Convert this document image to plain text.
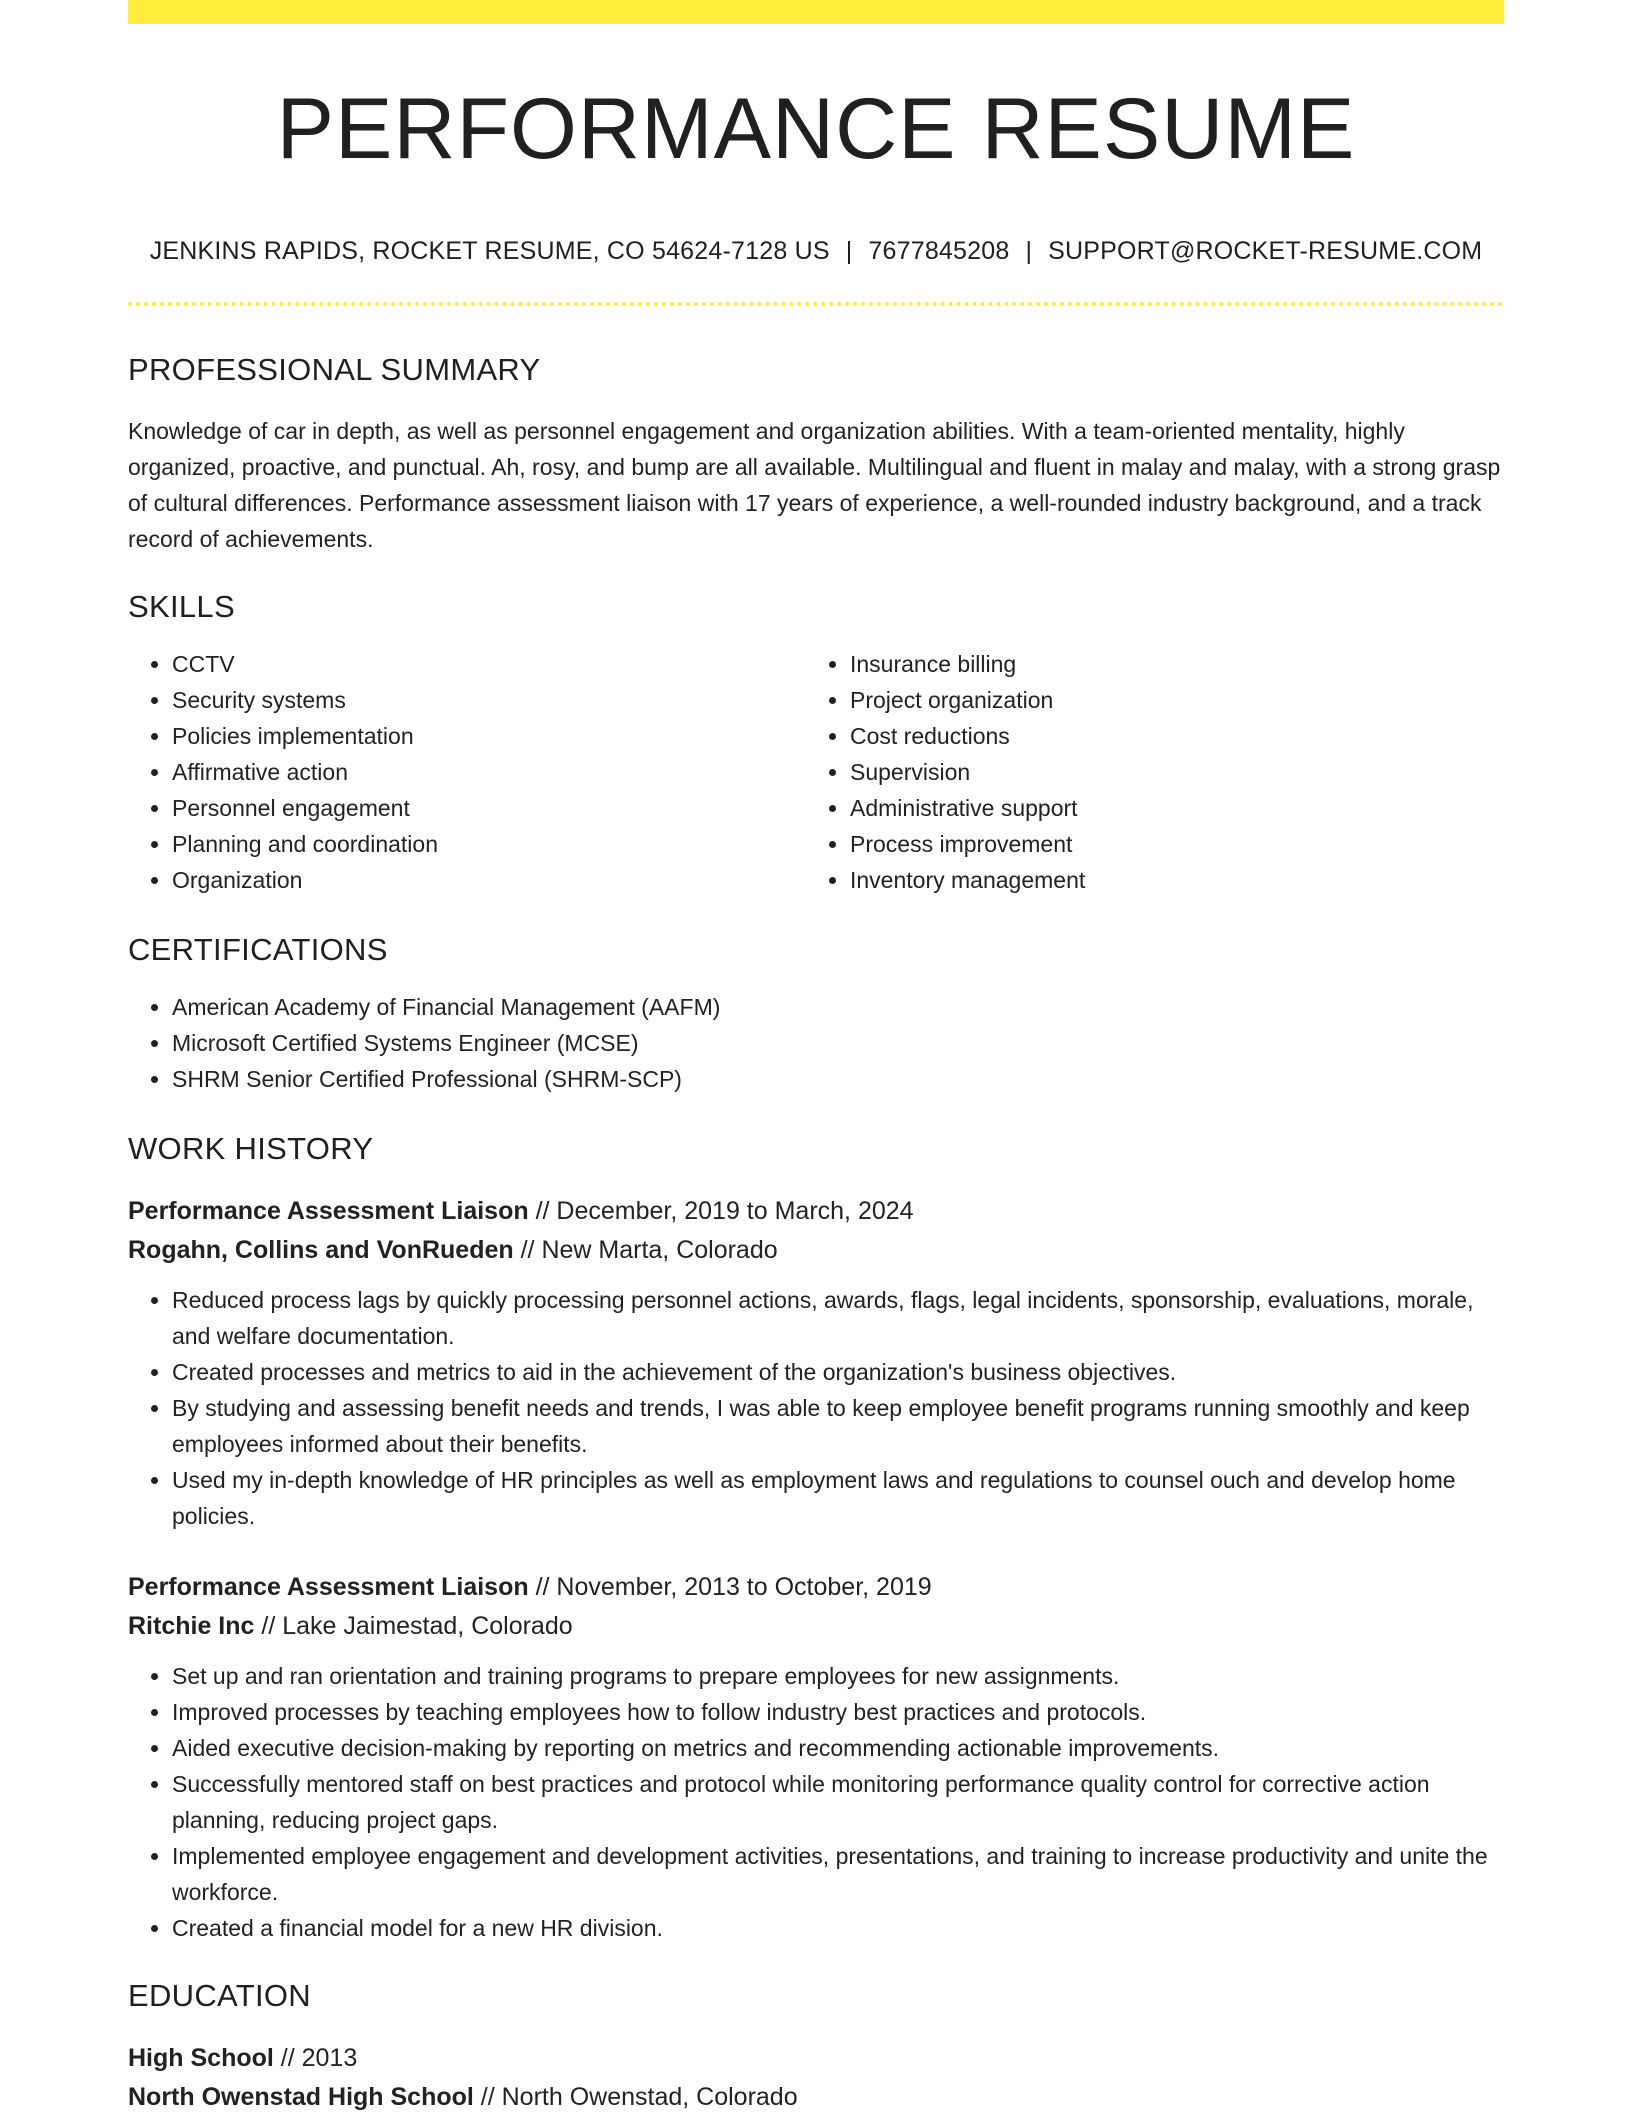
PERFORMANCE RESUME
JENKINS RAPIDS, ROCKET RESUME, CO 54624-7128 US | 7677845208 | SUPPORT@ROCKET-RESUME.COM
PROFESSIONAL SUMMARY

Knowledge of car in depth, as well as personnel engagement and organization abilities. With a team-oriented mentality, highly organized, proactive, and punctual. Ah, rosy, and bump are all available. Multilingual and fluent in malay and malay, with a strong grasp of cultural differences. Performance assessment liaison with 17 years of experience, a well-rounded industry background, and a track record of achievements.

SKILLS
• CCTV
• Security systems
• Policies implementation
• Affirmative action
• Personnel engagement
• Planning and coordination
• Organization
• Insurance billing
• Project organization
• Cost reductions
• Supervision
• Administrative support
• Process improvement
• Inventory management
CERTIFICATIONS
• American Academy of Financial Management (AAFM)
• Microsoft Certified Systems Engineer (MCSE)
• SHRM Senior Certified Professional (SHRM-SCP)
WORK HISTORY
Performance Assessment Liaison // December, 2019 to March, 2024
Rogahn, Collins and VonRueden // New Marta, Colorado
• Reduced process lags by quickly processing personnel actions, awards, flags, legal incidents, sponsorship, evaluations, morale, and welfare documentation.
• Created processes and metrics to aid in the achievement of the organization's business objectives.
• By studying and assessing benefit needs and trends, I was able to keep employee benefit programs running smoothly and keep employees informed about their benefits.
• Used my in-depth knowledge of HR principles as well as employment laws and regulations to counsel ouch and develop home policies.
Performance Assessment Liaison // November, 2013 to October, 2019
Ritchie Inc // Lake Jaimestad, Colorado
• Set up and ran orientation and training programs to prepare employees for new assignments.
• Improved processes by teaching employees how to follow industry best practices and protocols.
• Aided executive decision-making by reporting on metrics and recommending actionable improvements.
• Successfully mentored staff on best practices and protocol while monitoring performance quality control for corrective action planning, reducing project gaps.
• Implemented employee engagement and development activities, presentations, and training to increase productivity and unite the workforce.
• Created a financial model for a new HR division.
EDUCATION
High School // 2013
North Owenstad High School // North Owenstad, Colorado
